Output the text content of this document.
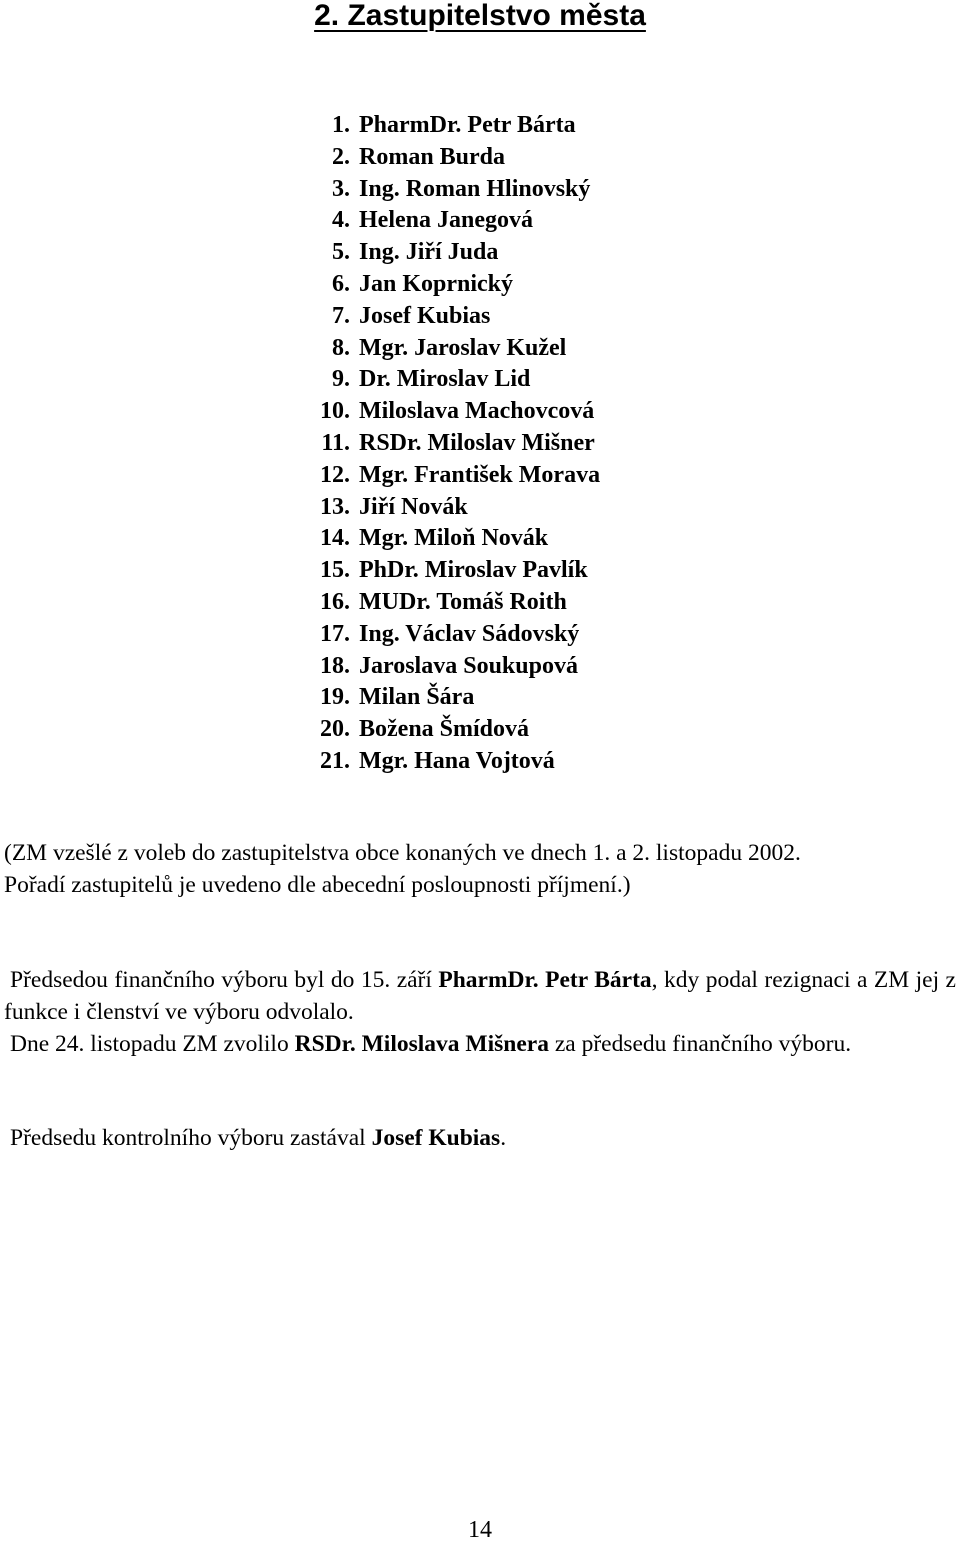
2. Zastupitelstvo města
1. PharmDr. Petr Bárta
2. Roman Burda
3. Ing. Roman Hlinovský
4. Helena Janegová
5. Ing. Jiří Juda
6. Jan Koprnický
7. Josef Kubias
8. Mgr. Jaroslav Kužel
9. Dr. Miroslav Lid
10. Miloslava Machovcová
11. RSDr. Miloslav Mišner
12. Mgr. František Morava
13. Jiří Novák
14. Mgr. Miloň Novák
15. PhDr. Miroslav Pavlík
16. MUDr. Tomáš Roith
17. Ing. Václav Sádovský
18. Jaroslava Soukupová
19. Milan Šára
20. Božena Šmídová
21. Mgr. Hana Vojtová

(ZM vzešlé z voleb do zastupitelstva obce konaných ve dnech 1. a 2. listopadu 2002.
Pořadí zastupitelů je uvedeno dle abecední posloupnosti příjmení.)

Předsedou finančního výboru byl do 15. září PharmDr. Petr Bárta, kdy podal rezignaci a ZM jej z funkce i členství ve výboru odvolalo.

Dne 24. listopadu ZM zvolilo RSDr. Miloslava Mišnera za předsedu finančního výboru.

Předsedu kontrolního výboru zastával Josef Kubias.

14
